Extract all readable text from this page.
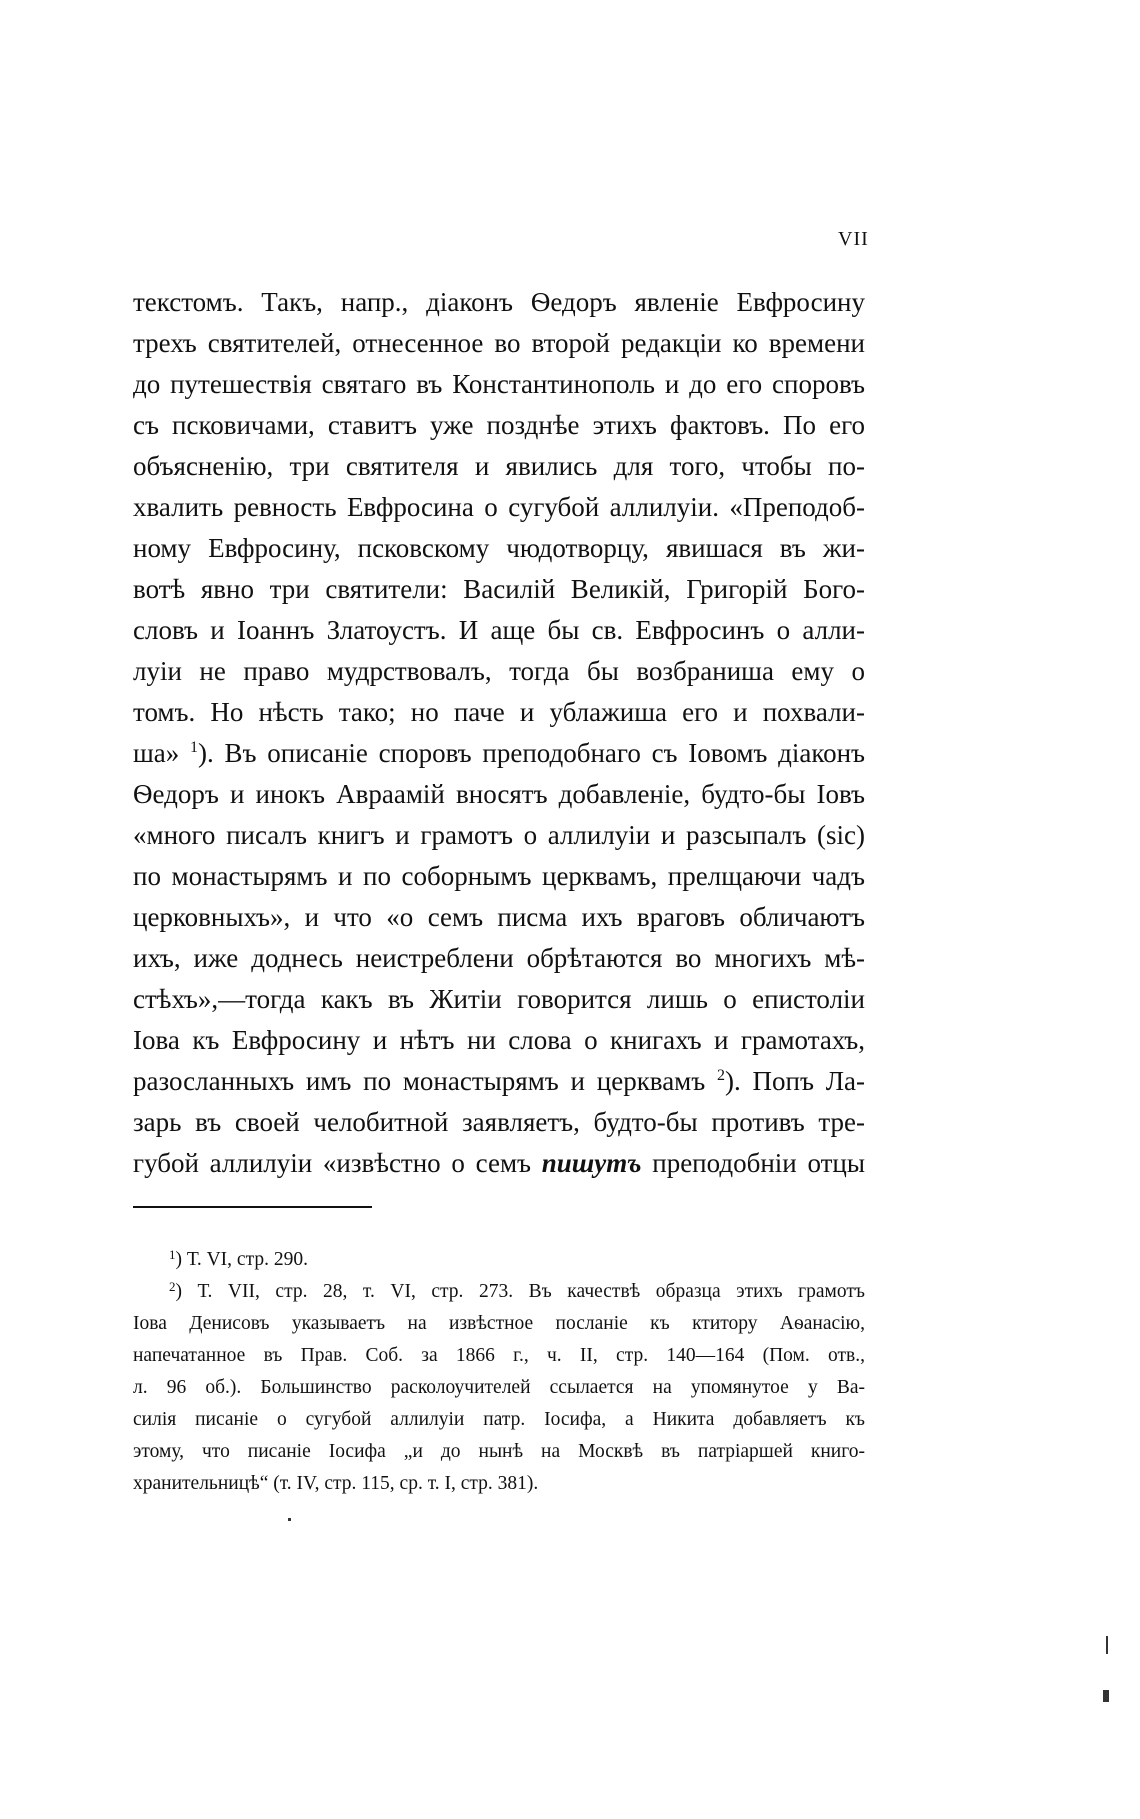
VII
текстомъ. Такъ, напр., діаконъ Ѳедоръ явленіе Евфросину
трехъ святителей, отнесенное во второй редакціи ко времени
до путешествія святаго въ Константинополь и до его споровъ
съ псковичами, ставитъ уже позднѣе этихъ фактовъ. По его
объясненію, три святителя и явились для того, чтобы по-
хвалить ревность Евфросина о сугубой аллилуіи. «Преподоб-
ному Евфросину, псковскому чюдотворцу, явишася въ жи-
вотѣ явно три святители: Василій Великій, Григорій Бого-
словъ и Іоаннъ Златоустъ. И аще бы св. Евфросинъ о алли-
луіи не право мудрствовалъ, тогда бы возбраниша ему о
томъ. Но нѣсть тако; но паче и ублажиша его и похвали-
ша» $^1$). Въ описаніе споровъ преподобнаго съ Іовомъ діаконъ
Ѳедоръ и инокъ Авраамій вносятъ добавленіе, будто-бы Іовъ
«много писалъ книгъ и грамотъ о аллилуіи и разсыпалъ (sic)
по монастырямъ и по соборнымъ церквамъ, прелщаючи чадъ
церковныхъ», и что «о семъ писма ихъ враговъ обличаютъ
ихъ, иже доднесь неистреблени обрѣтаются во многихъ мѣ-
стѣхъ»,—тогда какъ въ Житіи говорится лишь о епистоліи
Іова къ Евфросину и нѣтъ ни слова о книгахъ и грамотахъ,
разосланныхъ имъ по монастырямъ и церквамъ $^2$). Попъ Ла-
зарь въ своей челобитной заявляетъ, будто-бы противъ тре-
губой аллилуіи «извѣстно о семъ пишутъ преподобніи отцы
$^1$) Т. VI, стр. 290.
$^2$) Т. VII, стр. 28, т. VI, стр. 273. Въ качествѣ образца этихъ грамотъ
Іова Денисовъ указываетъ на извѣстное посланіе къ ктитору Аѳанасію,
напечатанное въ Прав. Соб. за 1866 г., ч. II, стр. 140—164 (Пом. отв.,
л. 96 об.). Большинство расколоучителей ссылается на упомянутое у Ва-
силія писаніе о сугубой аллилуіи патр. Іосифа, а Никита добавляетъ къ
этому, что писаніе Іосифа „и до нынѣ на Москвѣ въ патріаршей книго-
хранительницѣ“ (т. IV, стр. 115, ср. т. I, стр. 381).
